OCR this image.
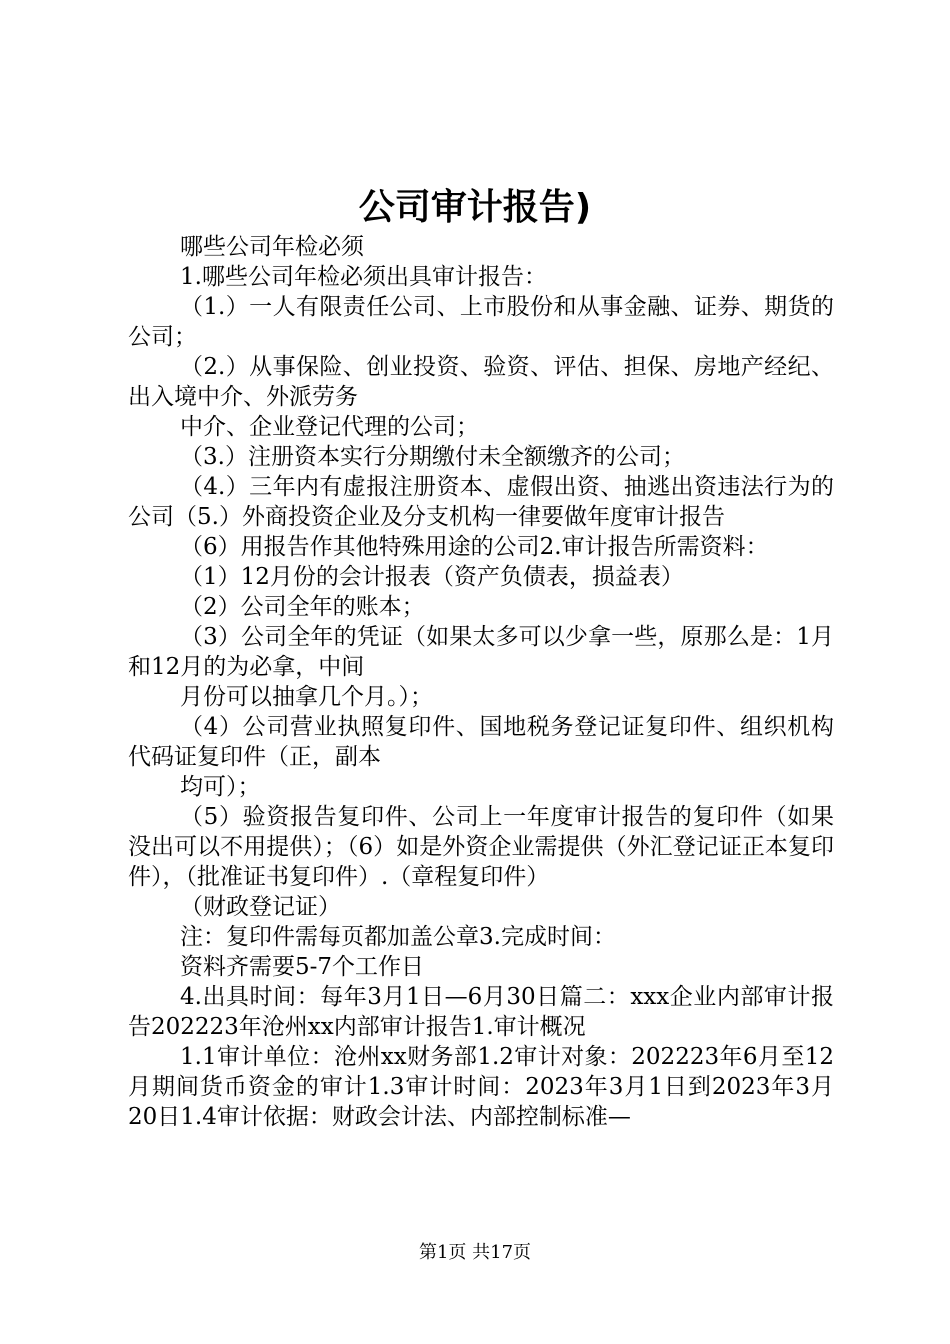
公司审计报告)

哪些公司年检必须

1.哪些公司年检必须出具审计报告：

（1.）一人有限责任公司、上市股份和从事金融、证券、期货的公司；

（2.）从事保险、创业投资、验资、评估、担保、房地产经纪、出入境中介、外派劳务

中介、企业登记代理的公司；

（3.）注册资本实行分期缴付未全额缴齐的公司；

（4.）三年内有虚报注册资本、虚假出资、抽逃出资违法行为的公司（5.）外商投资企业及分支机构一律要做年度审计报告

（6）用报告作其他特殊用途的公司2.审计报告所需资料：

（1）12月份的会计报表（资产负债表，损益表）

（2）公司全年的账本；

（3）公司全年的凭证（如果太多可以少拿一些，原那么是：1月和12月的为必拿，中间

月份可以抽拿几个月。）；

（4）公司营业执照复印件、国地税务登记证复印件、组织机构代码证复印件（正，副本

均可）；

（5）验资报告复印件、公司上一年度审计报告的复印件（如果没出可以不用提供）；（6）如是外资企业需提供（外汇登记证正本复印件），（批准证书复印件）.（章程复印件）

（财政登记证）

注：复印件需每页都加盖公章3.完成时间：

资料齐需要5-7个工作日

4.出具时间：每年3月1日—6月30日篇二：xxx企业内部审计报告202223年沧州xx内部审计报告1.审计概况

1.1审计单位：沧州xx财务部1.2审计对象：202223年6月至12月期间货币资金的审计1.3审计时间：2023年3月1日到2023年3月20日1.4审计依据：财政会计法、内部控制标准—

第1页 共17页
